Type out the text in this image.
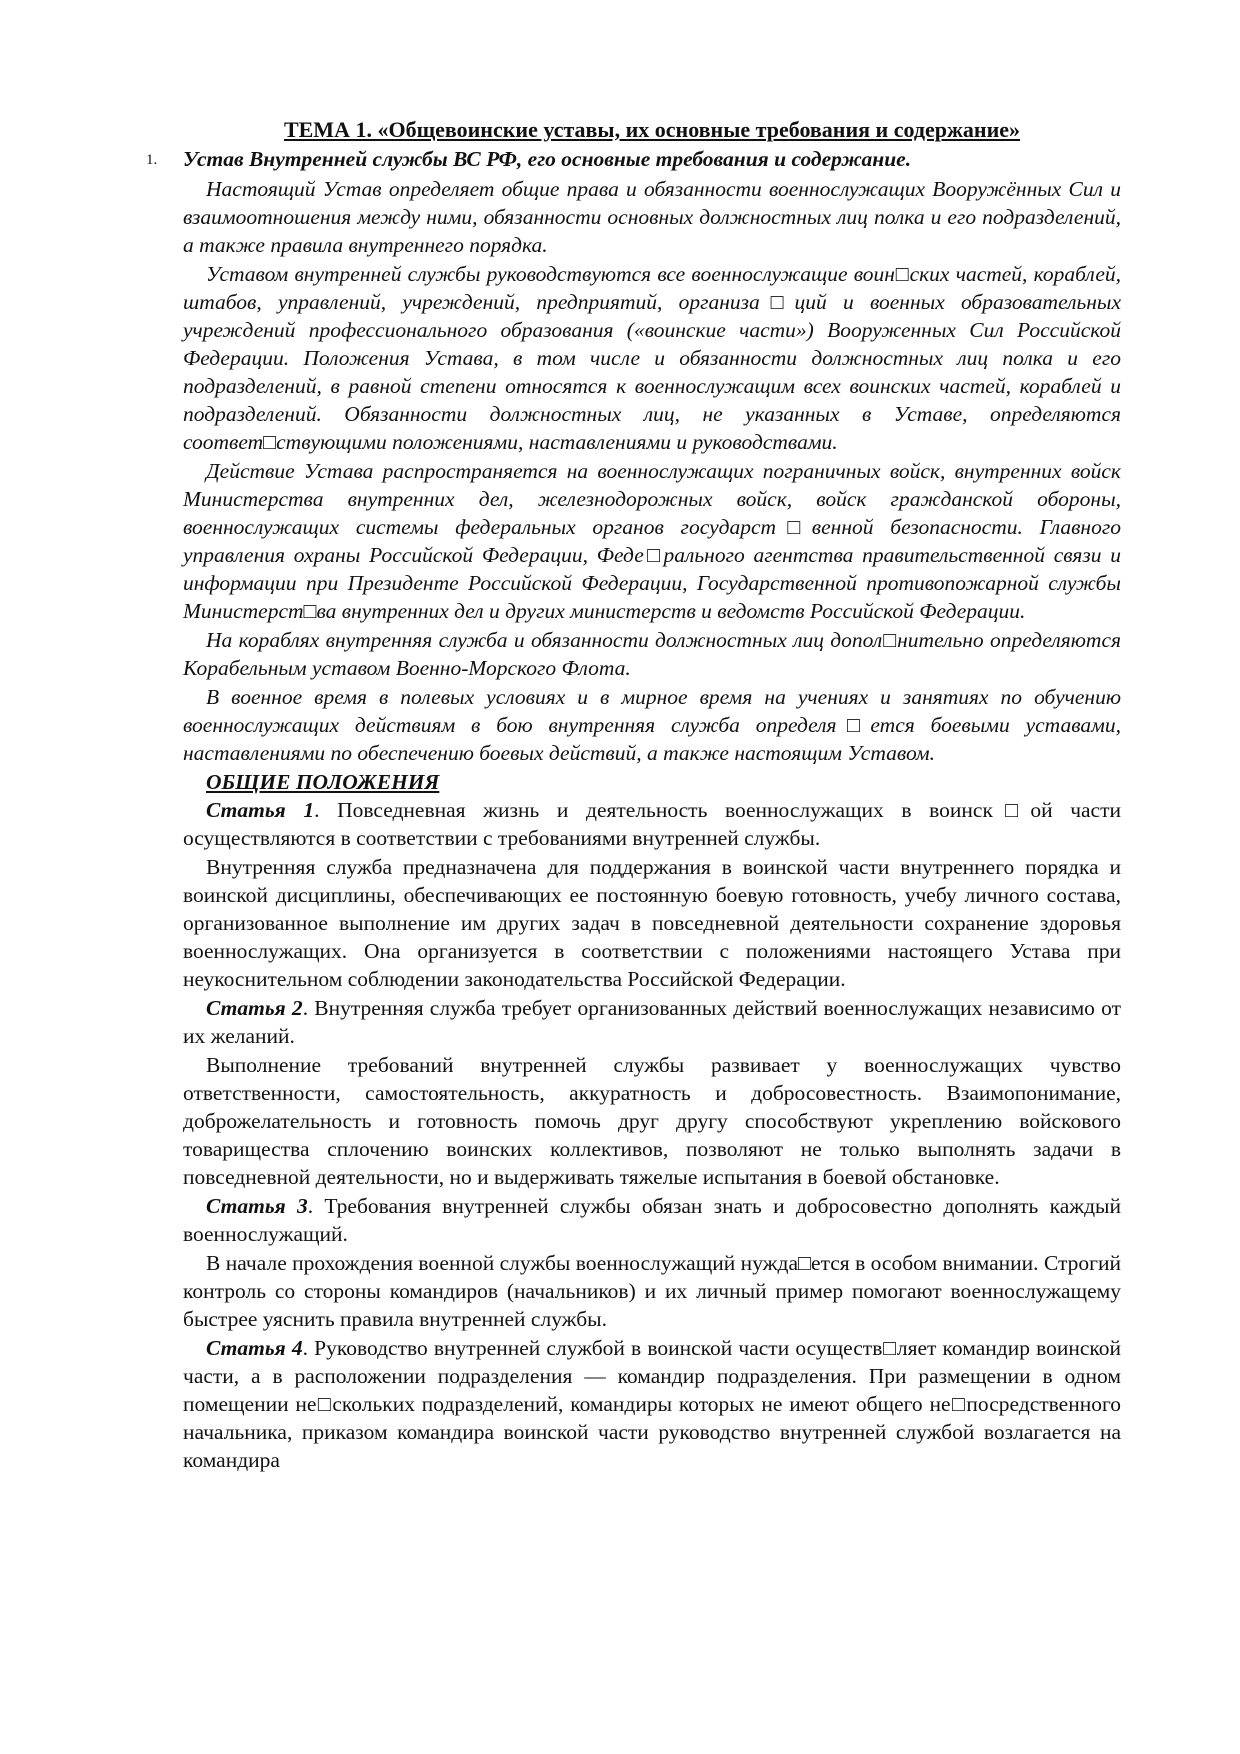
ТЕМА 1. «Общевоинские уставы, их основные требования и содержание»
1. Устав Внутренней службы ВС РФ, его основные требования и содержание.

Настоящий Устав определяет общие права и обязанности военнослужащих Вооружённых Сил и взаимоотношения между ними, обязанности основных должностных лиц полка и его подразделений, а также правила внутреннего порядка.

Уставом внутренней службы руководствуются все военнослужащие воин□ских частей, кораблей, штабов, управлений, учреждений, предприятий, организа□ций и военных образовательных учреждений профессионального образования («воинские части») Вооруженных Сил Российской Федерации. Положения Устава, в том числе и обязанности должностных лиц полка и его подразделений, в равной степени относятся к военнослужащим всех воинских частей, кораблей и подразделений. Обязанности должностных лиц, не указанных в Уставе, определяются соответ□ствующими положениями, наставлениями и руководствами.

Действие Устава распространяется на военнослужащих пограничных войск, внутренних войск Министерства внутренних дел, железнодорожных войск, войск гражданской обороны, военнослужащих системы федеральных органов государст□венной безопасности. Главного управления охраны Российской Федерации, Феде□рального агентства правительственной связи и информации при Президенте Российской Федерации, Государственной противопожарной службы Министерст□ва внутренних дел и других министерств и ведомств Российской Федерации.

На кораблях внутренняя служба и обязанности должностных лиц допол□нительно определяются Корабельным уставом Военно-Морского Флота.

В военное время в полевых условиях и в мирное время на учениях и занятиях по обучению военнослужащих действиям в бою внутренняя служба определя□ется боевыми уставами, наставлениями по обеспечению боевых действий, а также настоящим Уставом.

ОБЩИЕ ПОЛОЖЕНИЯ

Статья 1. Повседневная жизнь и деятельность военнослужащих в воинск□ой части осуществляются в соответствии с требованиями внутренней службы.

Внутренняя служба предназначена для поддержания в воинской части внутреннего порядка и воинской дисциплины, обеспечивающих ее постоянную боевую готовность, учебу личного состава, организованное выполнение им других задач в повседневной деятельности сохранение здоровья военнослужащих. Она организуется в соответствии с положениями настоящего Устава при неукоснительном соблюдении законодательства Российской Федерации.

Статья 2. Внутренняя служба требует организованных действий военнослужащих независимо от их желаний.

Выполнение требований внутренней службы развивает у военнослужащих чувство ответственности, самостоятельность, аккуратность и добросовестность. Взаимопонимание, доброжелательность и готовность помочь друг другу способствуют укреплению войскового товарищества сплочению воинских коллективов, позволяют не только выполнять задачи в повседневной деятельности, но и выдерживать тяжелые испытания в боевой обстановке.

Статья 3. Требования внутренней службы обязан знать и добросовестно дополнять каждый военнослужащий.

В начале прохождения военной службы военнослужащий нужда□ется в особом внимании. Строгий контроль со стороны командиров (начальников) и их личный пример помогают военнослужащему быстрее уяснить правила внутренней службы.

Статья 4. Руководство внутренней службой в воинской части осуществ□ляет командир воинской части, а в расположении подразделения — командир подразделения. При размещении в одном помещении не□скольких подразделений, командиры которых не имеют общего не□посредственного начальника, приказом командира воинской части руководство внутренней службой возлагается на командира
